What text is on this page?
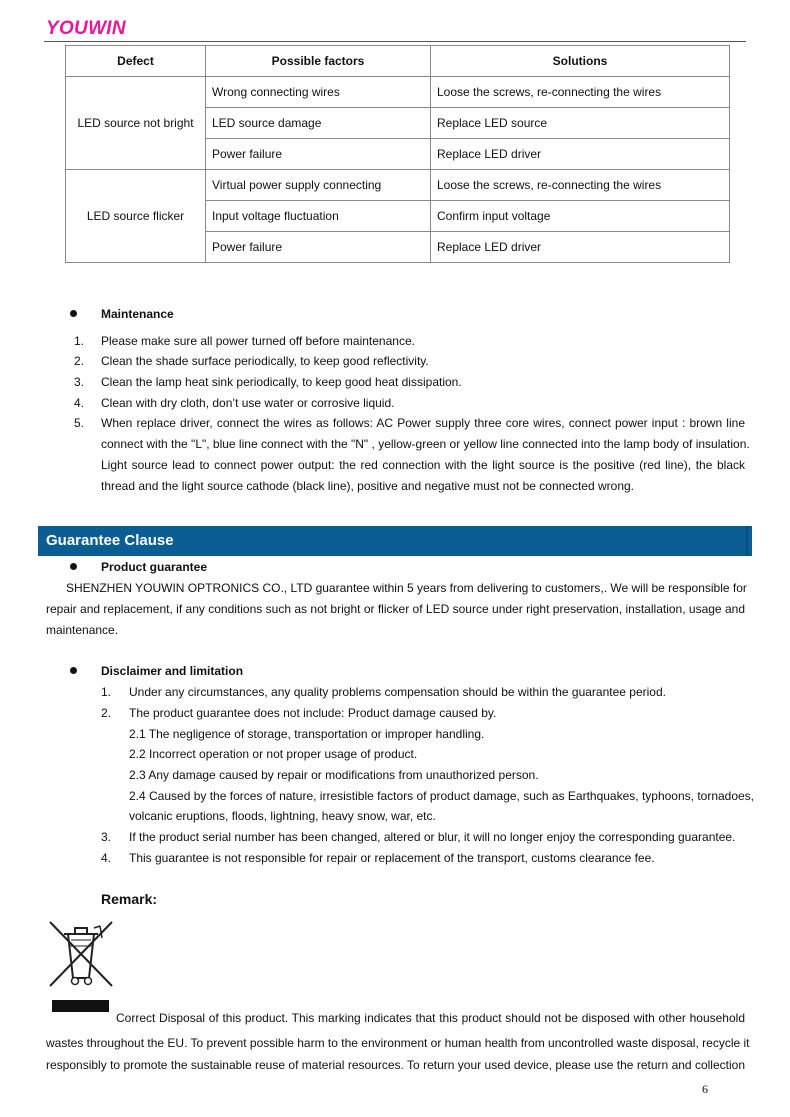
YOUWIN
Defect	Possible factors	Solutions
LED source not bright	Wrong connecting wires	Loose the screws, re-connecting the wires
	LED source damage	Replace LED source
	Power failure	Replace LED driver
LED source flicker	Virtual power supply connecting	Loose the screws, re-connecting the wires
	Input voltage fluctuation	Confirm input voltage
	Power failure	Replace LED driver
Maintenance
1. Please make sure all power turned off before maintenance.
2. Clean the shade surface periodically, to keep good reflectivity.
3. Clean the lamp heat sink periodically, to keep good heat dissipation.
4. Clean with dry cloth, don’t use water or corrosive liquid.
5. When replace driver, connect the wires as follows: AC Power supply three core wires, connect power input : brown line
connect with the "L", blue line connect with the "N" , yellow-green or yellow line connected into the lamp body of insulation.
Light source lead to connect power output: the red connection with the light source is the positive (red line), the black
thread and the light source cathode (black line), positive and negative must not be connected wrong.
Guarantee Clause
Product guarantee
SHENZHEN YOUWIN OPTRONICS CO., LTD guarantee within 5 years from delivering to customers,. We will be responsible for
repair and replacement, if any conditions such as not bright or flicker of LED source under right preservation, installation, usage and
maintenance.
Disclaimer and limitation
1. Under any circumstances, any quality problems compensation should be within the guarantee period.
2. The product guarantee does not include: Product damage caused by.
2.1 The negligence of storage, transportation or improper handling.
2.2 Incorrect operation or not proper usage of product.
2.3 Any damage caused by repair or modifications from unauthorized person.
2.4 Caused by the forces of nature, irresistible factors of product damage, such as Earthquakes, typhoons, tornadoes,
volcanic eruptions, floods, lightning, heavy snow, war, etc.
3. If the product serial number has been changed, altered or blur, it will no longer enjoy the corresponding guarantee.
4. This guarantee is not responsible for repair or replacement of the transport, customs clearance fee.
Remark:
Correct Disposal of this product. This marking indicates that this product should not be disposed with other household
wastes throughout the EU. To prevent possible harm to the environment or human health from uncontrolled waste disposal, recycle it
responsibly to promote the sustainable reuse of material resources. To return your used device, please use the return and collection
6
